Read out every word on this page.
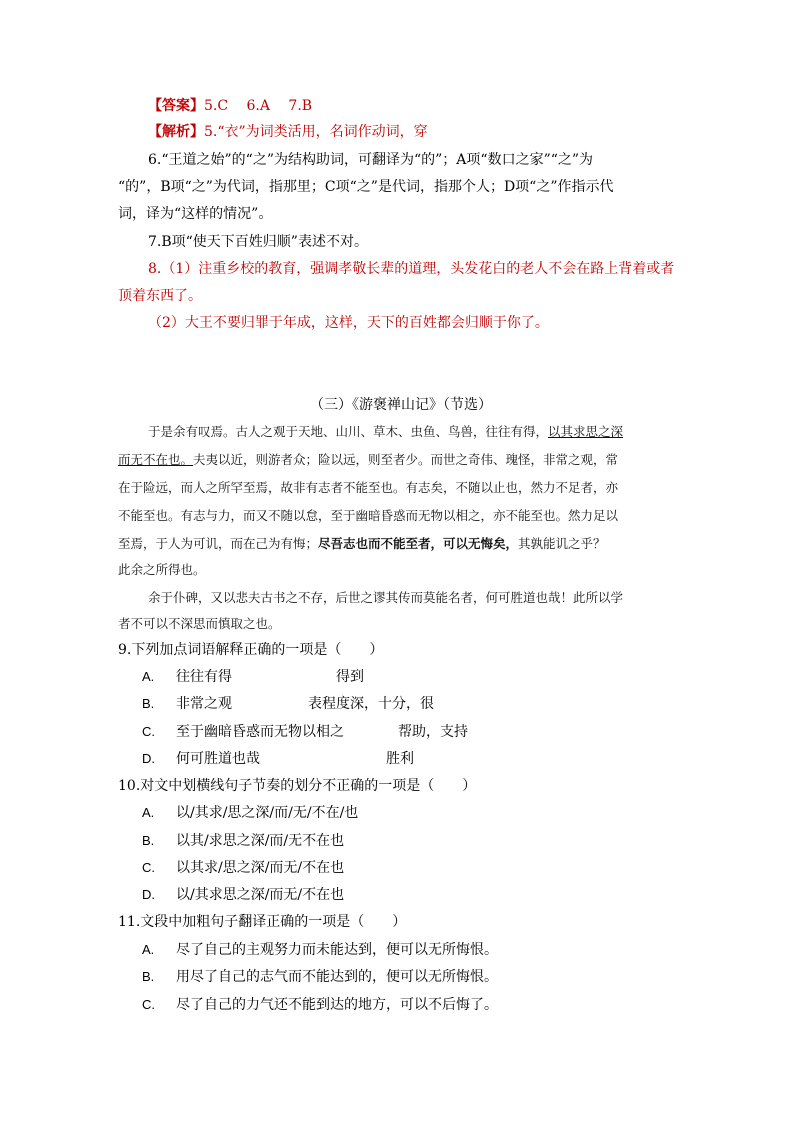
【答案】5.C　 6.A　 7.B
【解析】5.“衣”为词类活用，名词作动词，穿
6.“王道之始”的“之”为结构助词，可翻译为“的”；A项“数口之家”“之”为
“的”，B项“之”为代词，指那里；C项“之”是代词，指那个人；D项“之”作指示代
词，译为“这样的情况”。
7.B项“使天下百姓归顺”表述不对。
8.（1）注重乡校的教育，强调孝敬长辈的道理，头发花白的老人不会在路上背着或者
顶着东西了。
（2）大王不要归罪于年成，这样，天下的百姓都会归顺于你了。
（三）《游褒禅山记》（节选）
于是余有叹焉。古人之观于天地、山川、草木、虫鱼、鸟兽，往往有得，以其求思之深
而无不在也。夫夷以近，则游者众；险以远，则至者少。而世之奇伟、瑰怪，非常之观，常
在于险远，而人之所罕至焉，故非有志者不能至也。有志矣，不随以止也，然力不足者，亦
不能至也。有志与力，而又不随以怠，至于幽暗昏惑而无物以相之，亦不能至也。然力足以
至焉，于人为可讥，而在己为有悔；尽吾志也而不能至者，可以无悔矣，其孰能讥之乎？
此余之所得也。
余于仆碑，又以悲夫古书之不存，后世之谬其传而莫能名者，何可胜道也哉！此所以学
者不可以不深思而慎取之也。
9.下列加点词语解释正确的一项是（　　）
A. 往往有得	得到
B. 非常之观	表程度深，十分，很
C. 至于幽暗昏惑而无物以相之	帮助，支持
D. 何可胜道也哉	胜利
10.对文中划横线句子节奏的划分不正确的一项是（　　）
A. 以/其求/思之深/而/无/不在/也
B. 以其/求思之深/而/无不在也
C. 以其求/思之深/而无/不在也
D. 以/其求思之深/而无/不在也
11.文段中加粗句子翻译正确的一项是（　　）
A. 尽了自己的主观努力而未能达到，便可以无所悔恨。
B. 用尽了自己的志气而不能达到的，便可以无所悔恨。
C. 尽了自己的力气还不能到达的地方，可以不后悔了。
